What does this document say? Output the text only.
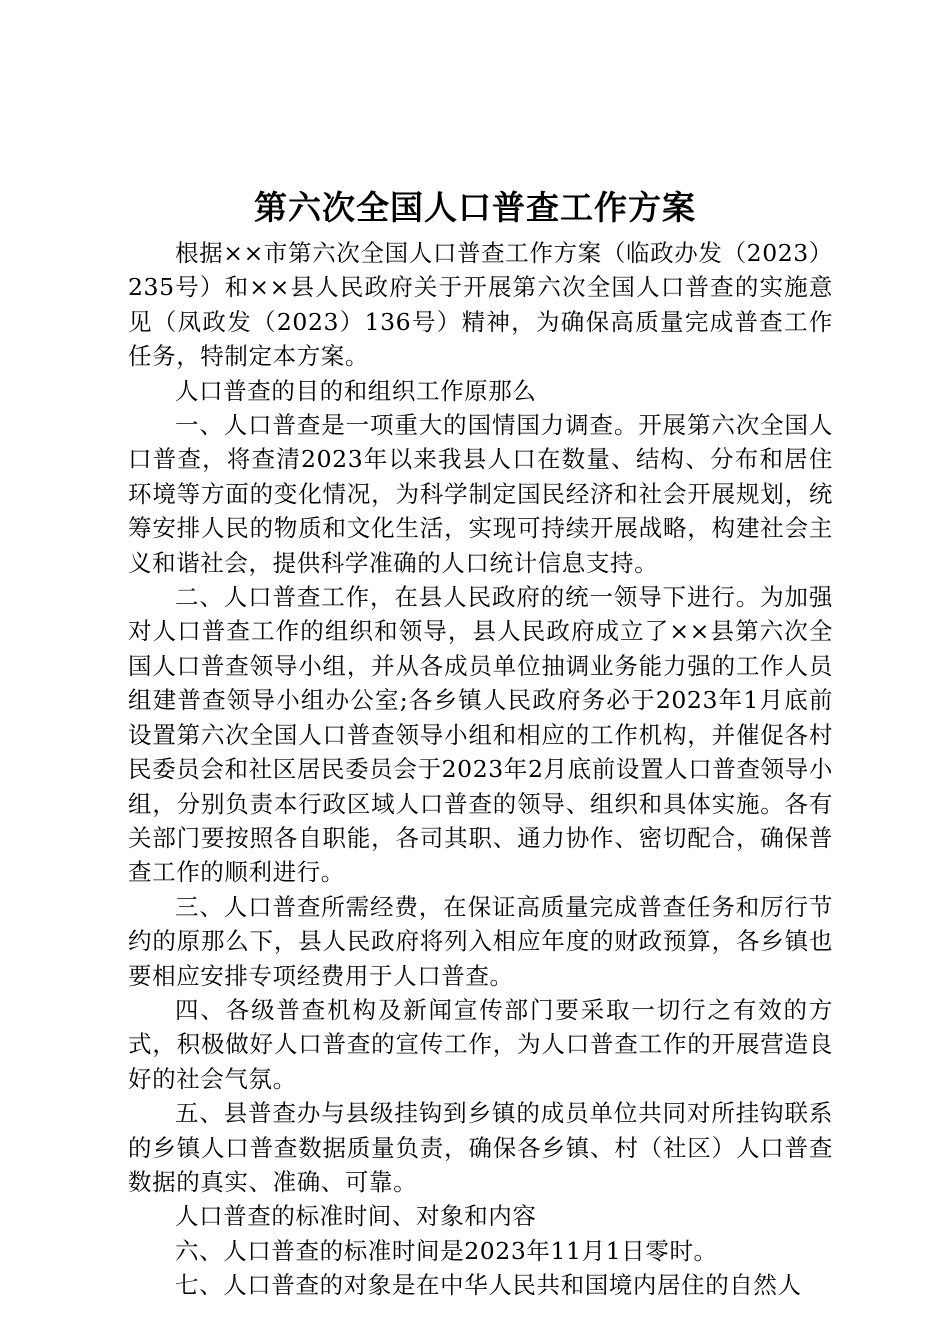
第六次全国人口普查工作方案

根据××市第六次全国人口普查工作方案（临政办发（2023）235号）和××县人民政府关于开展第六次全国人口普查的实施意见（凤政发（2023）136号）精神，为确保高质量完成普查工作任务，特制定本方案。

人口普查的目的和组织工作原那么

一、人口普查是一项重大的国情国力调查。开展第六次全国人口普查，将查清2023年以来我县人口在数量、结构、分布和居住环境等方面的变化情况，为科学制定国民经济和社会开展规划，统筹安排人民的物质和文化生活，实现可持续开展战略，构建社会主义和谐社会，提供科学准确的人口统计信息支持。

二、人口普查工作，在县人民政府的统一领导下进行。为加强对人口普查工作的组织和领导，县人民政府成立了××县第六次全国人口普查领导小组，并从各成员单位抽调业务能力强的工作人员组建普查领导小组办公室;各乡镇人民政府务必于2023年1月底前设置第六次全国人口普查领导小组和相应的工作机构，并催促各村民委员会和社区居民委员会于2023年2月底前设置人口普查领导小组，分别负责本行政区域人口普查的领导、组织和具体实施。各有关部门要按照各自职能，各司其职、通力协作、密切配合，确保普查工作的顺利进行。

三、人口普查所需经费，在保证高质量完成普查任务和厉行节约的原那么下，县人民政府将列入相应年度的财政预算，各乡镇也要相应安排专项经费用于人口普查。

四、各级普查机构及新闻宣传部门要采取一切行之有效的方式，积极做好人口普查的宣传工作，为人口普查工作的开展营造良好的社会气氛。

五、县普查办与县级挂钩到乡镇的成员单位共同对所挂钩联系的乡镇人口普查数据质量负责，确保各乡镇、村（社区）人口普查数据的真实、准确、可靠。

人口普查的标准时间、对象和内容

六、人口普查的标准时间是2023年11月1日零时。

七、人口普查的对象是在中华人民共和国境内居住的自然人
